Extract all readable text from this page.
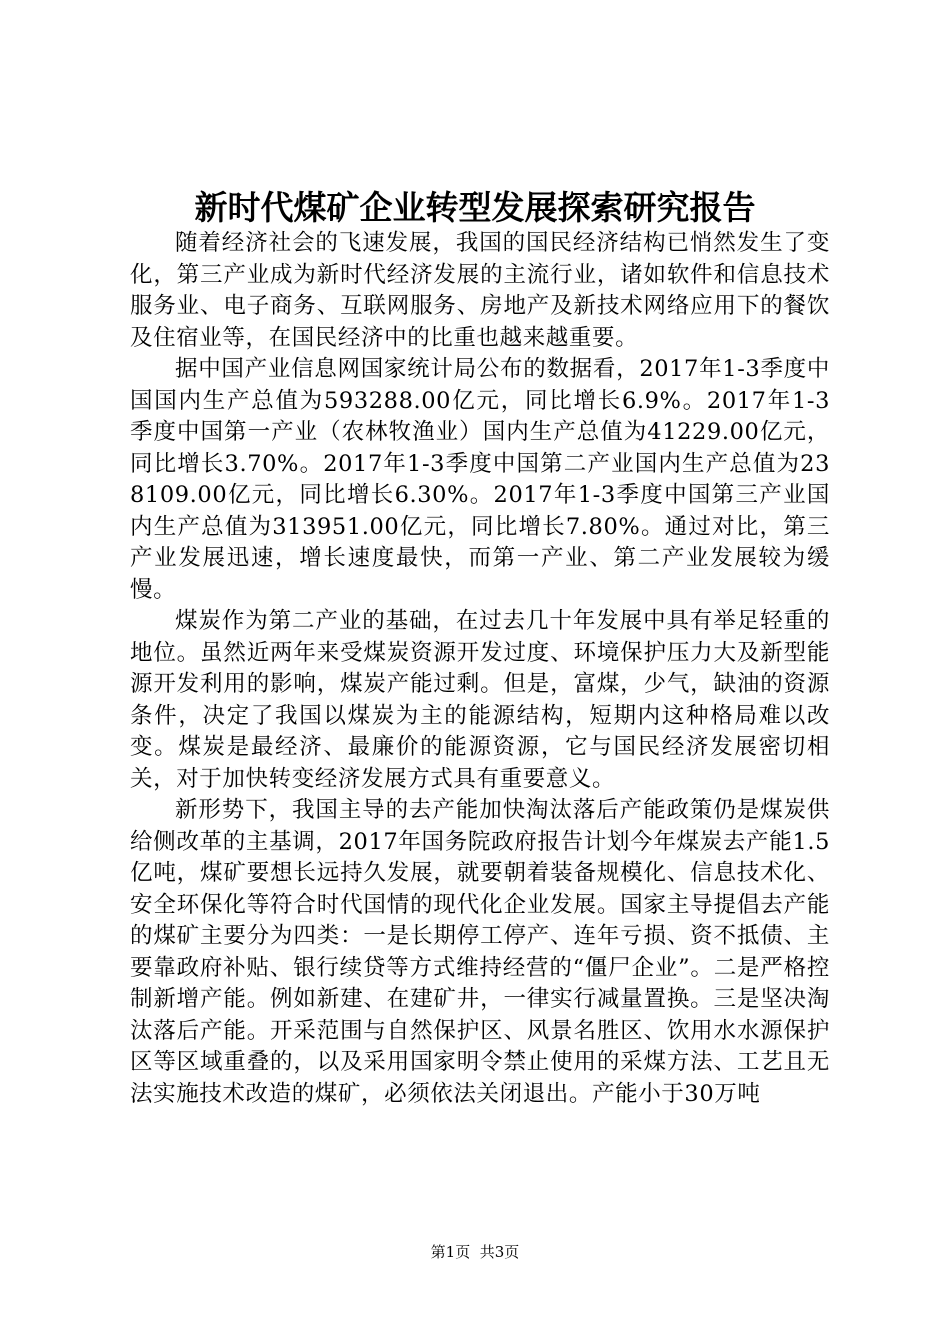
新时代煤矿企业转型发展探索研究报告

随着经济社会的飞速发展，我国的国民经济结构已悄然发生了变化，第三产业成为新时代经济发展的主流行业，诸如软件和信息技术服务业、电子商务、互联网服务、房地产及新技术网络应用下的餐饮及住宿业等，在国民经济中的比重也越来越重要。

据中国产业信息网国家统计局公布的数据看，2017年1-3季度中国国内生产总值为593288.00亿元，同比增长6.9%。2017年1-3季度中国第一产业（农林牧渔业）国内生产总值为41229.00亿元，同比增长3.70%。2017年1-3季度中国第二产业国内生产总值为238109.00亿元，同比增长6.30%。2017年1-3季度中国第三产业国内生产总值为313951.00亿元，同比增长7.80%。通过对比，第三产业发展迅速，增长速度最快，而第一产业、第二产业发展较为缓慢。

煤炭作为第二产业的基础，在过去几十年发展中具有举足轻重的地位。虽然近两年来受煤炭资源开发过度、环境保护压力大及新型能源开发利用的影响，煤炭产能过剩。但是，富煤，少气，缺油的资源条件，决定了我国以煤炭为主的能源结构，短期内这种格局难以改变。煤炭是最经济、最廉价的能源资源，它与国民经济发展密切相关，对于加快转变经济发展方式具有重要意义。

新形势下，我国主导的去产能加快淘汰落后产能政策仍是煤炭供给侧改革的主基调，2017年国务院政府报告计划今年煤炭去产能1.5亿吨，煤矿要想长远持久发展，就要朝着装备规模化、信息技术化、安全环保化等符合时代国情的现代化企业发展。国家主导提倡去产能的煤矿主要分为四类：一是长期停工停产、连年亏损、资不抵债、主要靠政府补贴、银行续贷等方式维持经营的“僵尸企业”。二是严格控制新增产能。例如新建、在建矿井，一律实行减量置换。三是坚决淘汰落后产能。开采范围与自然保护区、风景名胜区、饮用水水源保护区等区域重叠的，以及采用国家明令禁止使用的采煤方法、工艺且无法实施技术改造的煤矿，必须依法关闭退出。产能小于30万吨

第1页 共3页
